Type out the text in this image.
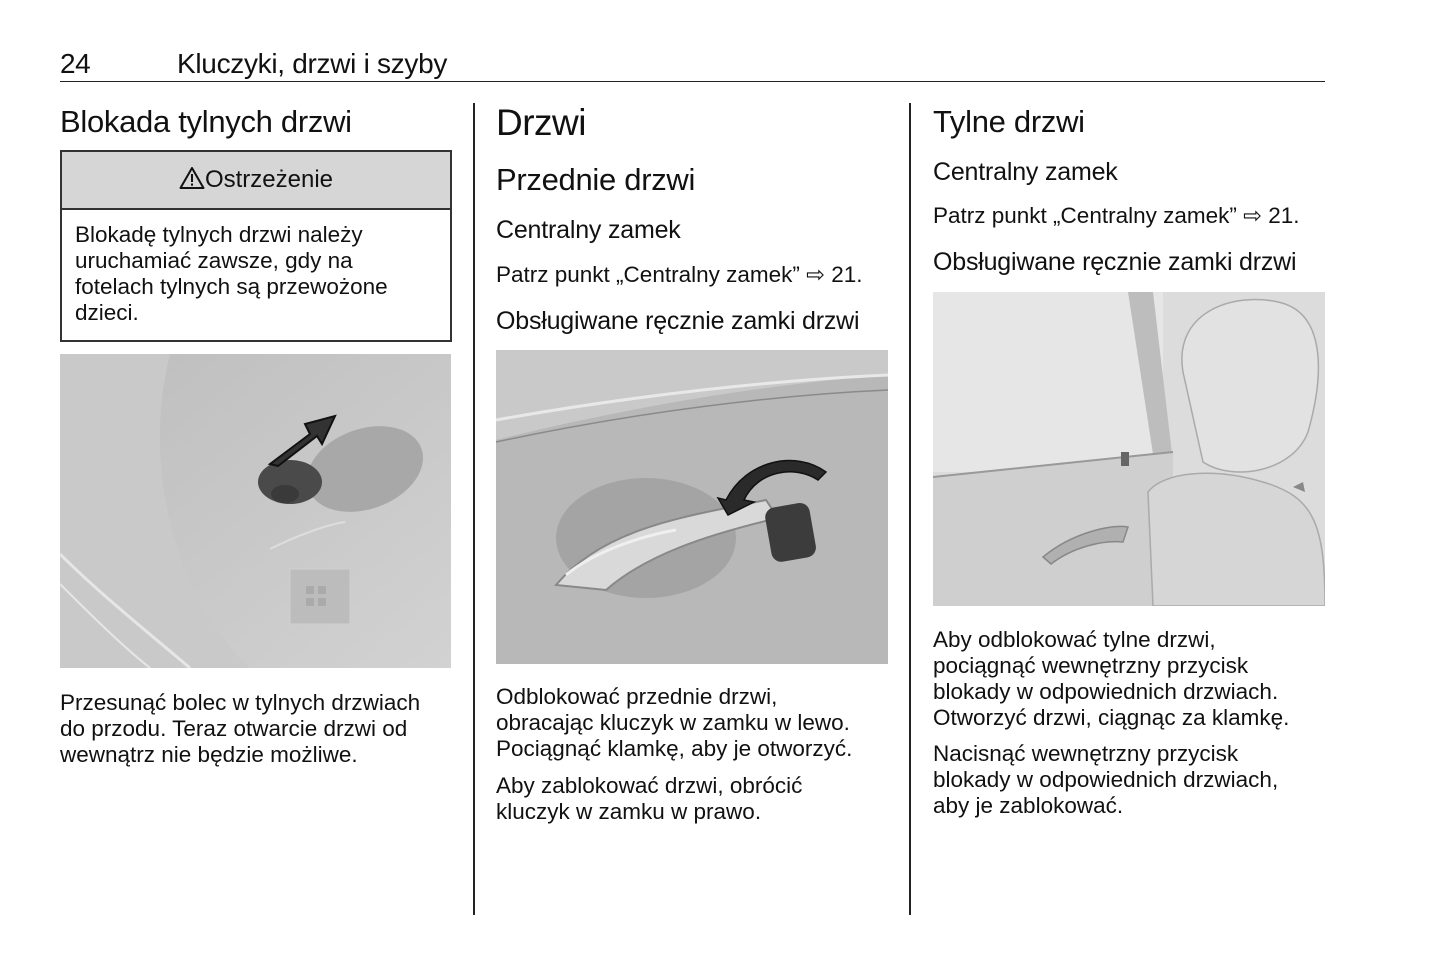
24	Kluczyki, drzwi i szyby
Blokada tylnych drzwi
Ostrzeżenie
Blokadę tylnych drzwi należy
uruchamiać zawsze, gdy na
fotelach tylnych są przewożone
dzieci.
Przesunąć bolec w tylnych drzwiach
do przodu. Teraz otwarcie drzwi od
wewnątrz nie będzie możliwe.
Drzwi
Przednie drzwi
Centralny zamek
Patrz punkt „Centralny zamek” ⇨ 21.
Obsługiwane ręcznie zamki drzwi
Odblokować przednie drzwi,
obracając kluczyk w zamku w lewo.
Pociągnąć klamkę, aby je otworzyć.
Aby zablokować drzwi, obrócić
kluczyk w zamku w prawo.
Tylne drzwi
Centralny zamek
Patrz punkt „Centralny zamek” ⇨ 21.
Obsługiwane ręcznie zamki drzwi
Aby odblokować tylne drzwi,
pociągnąć wewnętrzny przycisk
blokady w odpowiednich drzwiach.
Otworzyć drzwi, ciągnąc za klamkę.
Nacisnąć wewnętrzny przycisk
blokady w odpowiednich drzwiach,
aby je zablokować.
